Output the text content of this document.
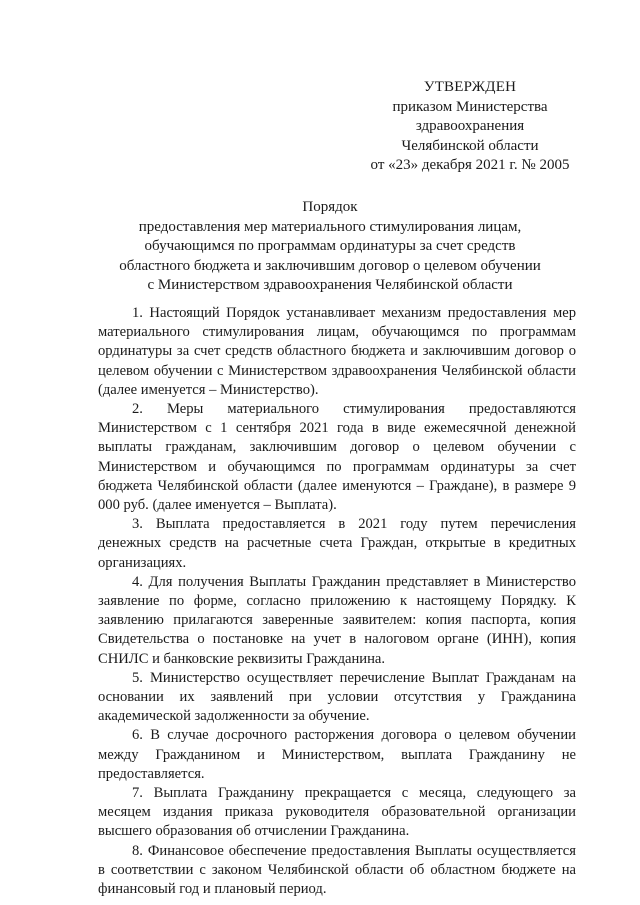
УТВЕРЖДЕН
приказом Министерства
здравоохранения
Челябинской области
от «23» декабря 2021 г. № 2005
Порядок
предоставления мер материального стимулирования лицам,
обучающимся по программам ординатуры за счет средств
областного бюджета и заключившим договор о целевом обучении
с Министерством здравоохранения Челябинской области

1. Настоящий Порядок устанавливает механизм предоставления мер материального стимулирования лицам, обучающимся по программам ординатуры за счет средств областного бюджета и заключившим договор о целевом обучении с Министерством здравоохранения Челябинской области (далее именуется – Министерство).

2. Меры материального стимулирования предоставляются Министерством с 1 сентября 2021 года в виде ежемесячной денежной выплаты гражданам, заключившим договор о целевом обучении с Министерством и обучающимся по программам ординатуры за счет бюджета Челябинской области (далее именуются – Граждане), в размере 9 000 руб. (далее именуется – Выплата).

3. Выплата предоставляется в 2021 году путем перечисления денежных средств на расчетные счета Граждан, открытые в кредитных организациях.

4. Для получения Выплаты Гражданин представляет в Министерство заявление по форме, согласно приложению к настоящему Порядку. К заявлению прилагаются заверенные заявителем: копия паспорта, копия Свидетельства о постановке на учет в налоговом органе (ИНН), копия СНИЛС и банковские реквизиты Гражданина.

5. Министерство осуществляет перечисление Выплат Гражданам на основании их заявлений при условии отсутствия у Гражданина академической задолженности за обучение.

6. В случае досрочного расторжения договора о целевом обучении между Гражданином и Министерством, выплата Гражданину не предоставляется.

7. Выплата Гражданину прекращается с месяца, следующего за месяцем издания приказа руководителя образовательной организации высшего образования об отчислении Гражданина.

8. Финансовое обеспечение предоставления Выплаты осуществляется в соответствии с законом Челябинской области об областном бюджете на финансовый год и плановый период.
